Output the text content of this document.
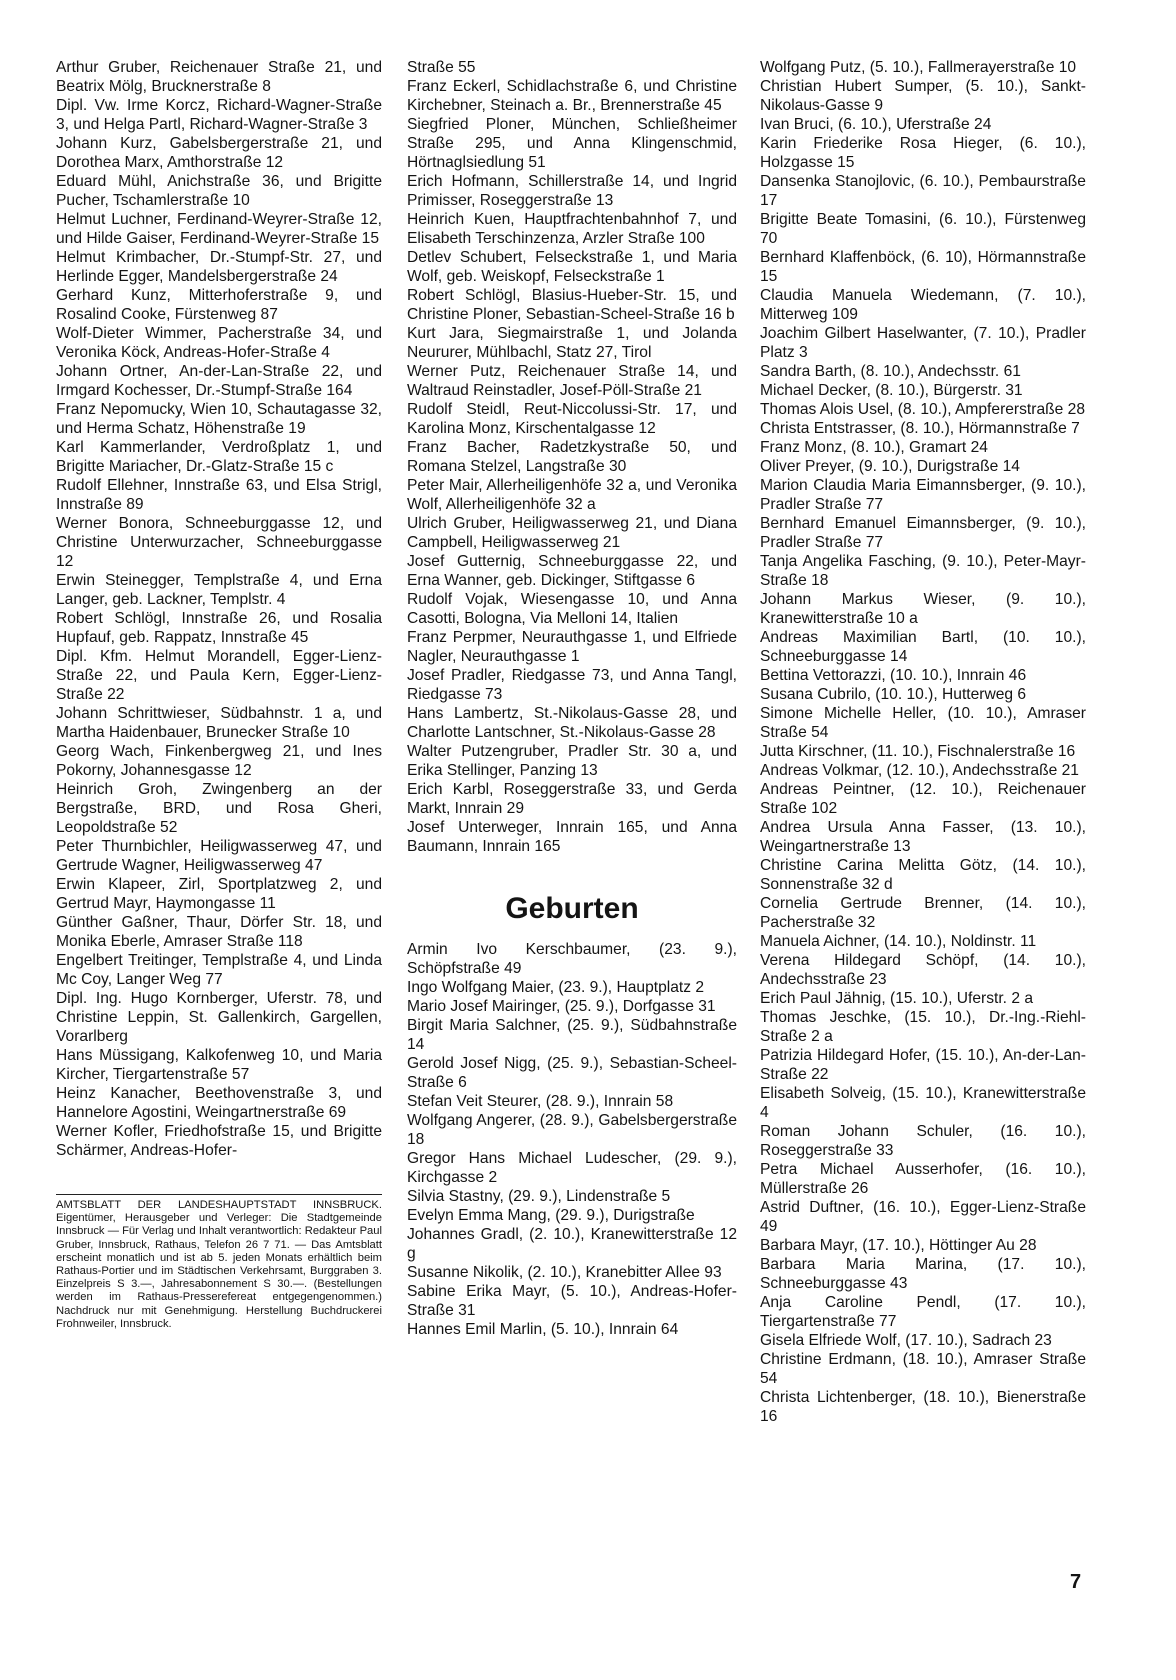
Arthur Gruber, Reichenauer Straße 21, und Beatrix Mölg, Brucknerstraße 8
Dipl. Vw. Irme Korcz, Richard-Wagner-Straße 3, und Helga Partl, Richard-Wagner-Straße 3
Johann Kurz, Gabelsbergerstraße 21, und Dorothea Marx, Amthorstraße 12
Eduard Mühl, Anichstraße 36, und Brigitte Pucher, Tschamlerstraße 10
Helmut Luchner, Ferdinand-Weyrer-Straße 12, und Hilde Gaiser, Ferdinand-Weyrer-Straße 15
Helmut Krimbacher, Dr.-Stumpf-Str. 27, und Herlinde Egger, Mandelsbergerstraße 24
Gerhard Kunz, Mitterhoferstraße 9, und Rosalind Cooke, Fürstenweg 87
Wolf-Dieter Wimmer, Pacherstraße 34, und Veronika Köck, Andreas-Hofer-Straße 4
Johann Ortner, An-der-Lan-Straße 22, und Irmgard Kochesser, Dr.-Stumpf-Straße 164
Franz Nepomucky, Wien 10, Schautagasse 32, und Herma Schatz, Höhenstraße 19
Karl Kammerlander, Verdroßplatz 1, und Brigitte Mariacher, Dr.-Glatz-Straße 15 c
Rudolf Ellehner, Innstraße 63, und Elsa Strigl, Innstraße 89
Werner Bonora, Schneeburggasse 12, und Christine Unterwurzacher, Schneeburggasse 12
Erwin Steinegger, Templstraße 4, und Erna Langer, geb. Lackner, Templstr. 4
Robert Schlögl, Innstraße 26, und Rosalia Hupfauf, geb. Rappatz, Innstraße 45
Dipl. Kfm. Helmut Morandell, Egger-Lienz-Straße 22, und Paula Kern, Egger-Lienz-Straße 22
Johann Schrittwieser, Südbahnstr. 1 a, und Martha Haidenbauer, Brunecker Straße 10
Georg Wach, Finkenbergweg 21, und Ines Pokorny, Johannesgasse 12
Heinrich Groh, Zwingenberg an der Bergstraße, BRD, und Rosa Gheri, Leopoldstraße 52
Peter Thurnbichler, Heiligwasserweg 47, und Gertrude Wagner, Heiligwasserweg 47
Erwin Klapeer, Zirl, Sportplatzweg 2, und Gertrud Mayr, Haymongasse 11
Günther Gaßner, Thaur, Dörfer Str. 18, und Monika Eberle, Amraser Straße 118
Engelbert Treitinger, Templstraße 4, und Linda Mc Coy, Langer Weg 77
Dipl. Ing. Hugo Kornberger, Uferstr. 78, und Christine Leppin, St. Gallenkirch, Gargellen, Vorarlberg
Hans Müssigang, Kalkofenweg 10, und Maria Kircher, Tiergartenstraße 57
Heinz Kanacher, Beethovenstraße 3, und Hannelore Agostini, Weingartnerstraße 69
Werner Kofler, Friedhofstraße 15, und Brigitte Schärmer, Andreas-Hofer-
AMTSBLATT DER LANDESHAUPTSTADT INNSBRUCK. Eigentümer, Herausgeber und Verleger: Die Stadtgemeinde Innsbruck — Für Verlag und Inhalt verantwortlich: Redakteur Paul Gruber, Innsbruck, Rathaus, Telefon 26 7 71. — Das Amtsblatt erscheint monatlich und ist ab 5. jeden Monats erhältlich beim Rathaus-Portier und im Städtischen Verkehrsamt, Burggraben 3. Einzelpreis S 3.—, Jahresabonnement S 30.—. (Bestellungen werden im Rathaus-Presserefereat entgegengenommen.) Nachdruck nur mit Genehmigung. Herstellung Buchdruckerei Frohnweiler, Innsbruck.
Straße 55
Franz Eckerl, Schidlachstraße 6, und Christine Kirchebner, Steinach a. Br., Brennerstraße 45
Siegfried Ploner, München, Schließheimer Straße 295, und Anna Klingenschmid, Hörtnaglsiedlung 51
Erich Hofmann, Schillerstraße 14, und Ingrid Primisser, Roseggerstraße 13
Heinrich Kuen, Hauptfrachtenbahnhof 7, und Elisabeth Terschinzenza, Arzler Straße 100
Detlev Schubert, Felseckstraße 1, und Maria Wolf, geb. Weiskopf, Felseckstraße 1
Robert Schlögl, Blasius-Hueber-Str. 15, und Christine Ploner, Sebastian-Scheel-Straße 16 b
Kurt Jara, Siegmairstraße 1, und Jolanda Neururer, Mühlbachl, Statz 27, Tirol
Werner Putz, Reichenauer Straße 14, und Waltraud Reinstadler, Josef-Pöll-Straße 21
Rudolf Steidl, Reut-Niccolussi-Str. 17, und Karolina Monz, Kirschentalgasse 12
Franz Bacher, Radetzkystraße 50, und Romana Stelzel, Langstraße 30
Peter Mair, Allerheiligenhöfe 32 a, und Veronika Wolf, Allerheiligenhöfe 32 a
Ulrich Gruber, Heiligwasserweg 21, und Diana Campbell, Heiligwasserweg 21
Josef Gutternig, Schneeburggasse 22, und Erna Wanner, geb. Dickinger, Stiftgasse 6
Rudolf Vojak, Wiesengasse 10, und Anna Casotti, Bologna, Via Melloni 14, Italien
Franz Perpmer, Neurauthgasse 1, und Elfriede Nagler, Neurauthgasse 1
Josef Pradler, Riedgasse 73, und Anna Tangl, Riedgasse 73
Hans Lambertz, St.-Nikolaus-Gasse 28, und Charlotte Lantschner, St.-Nikolaus-Gasse 28
Walter Putzengruber, Pradler Str. 30 a, und Erika Stellinger, Panzing 13
Erich Karbl, Roseggerstraße 33, und Gerda Markt, Innrain 29
Josef Unterweger, Innrain 165, und Anna Baumann, Innrain 165
Geburten
Armin Ivo Kerschbaumer, (23. 9.), Schöpfstraße 49
Ingo Wolfgang Maier, (23. 9.), Hauptplatz 2
Mario Josef Mairinger, (25. 9.), Dorfgasse 31
Birgit Maria Salchner, (25. 9.), Südbahnstraße 14
Gerold Josef Nigg, (25. 9.), Sebastian-Scheel-Straße 6
Stefan Veit Steurer, (28. 9.), Innrain 58
Wolfgang Angerer, (28. 9.), Gabelsbergerstraße 18
Gregor Hans Michael Ludescher, (29. 9.), Kirchgasse 2
Silvia Stastny, (29. 9.), Lindenstraße 5
Evelyn Emma Mang, (29. 9.), Durigstraße
Johannes Gradl, (2. 10.), Kranewitterstraße 12 g
Susanne Nikolik, (2. 10.), Kranebitter Allee 93
Sabine Erika Mayr, (5. 10.), Andreas-Hofer-Straße 31
Hannes Emil Marlin, (5. 10.), Innrain 64
Wolfgang Putz, (5. 10.), Fallmerayerstraße 10
Christian Hubert Sumper, (5. 10.), Sankt-Nikolaus-Gasse 9
Ivan Bruci, (6. 10.), Uferstraße 24
Karin Friederike Rosa Hieger, (6. 10.), Holzgasse 15
Dansenka Stanojlovic, (6. 10.), Pembaurstraße 17
Brigitte Beate Tomasini, (6. 10.), Fürstenweg 70
Bernhard Klaffenböck, (6. 10), Hörmannstraße 15
Claudia Manuela Wiedemann, (7. 10.), Mitterweg 109
Joachim Gilbert Haselwanter, (7. 10.), Pradler Platz 3
Sandra Barth, (8. 10.), Andechsstr. 61
Michael Decker, (8. 10.), Bürgerstr. 31
Thomas Alois Usel, (8. 10.), Ampfererstraße 28
Christa Entstrasser, (8. 10.), Hörmannstraße 7
Franz Monz, (8. 10.), Gramart 24
Oliver Preyer, (9. 10.), Durigstraße 14
Marion Claudia Maria Eimannsberger, (9. 10.), Pradler Straße 77
Bernhard Emanuel Eimannsberger, (9. 10.), Pradler Straße 77
Tanja Angelika Fasching, (9. 10.), Peter-Mayr-Straße 18
Johann Markus Wieser, (9. 10.), Kranewitterstraße 10 a
Andreas Maximilian Bartl, (10. 10.), Schneeburggasse 14
Bettina Vettorazzi, (10. 10.), Innrain 46
Susana Cubrilo, (10. 10.), Hutterweg 6
Simone Michelle Heller, (10. 10.), Amraser Straße 54
Jutta Kirschner, (11. 10.), Fischnalerstraße 16
Andreas Volkmar, (12. 10.), Andechsstraße 21
Andreas Peintner, (12. 10.), Reichenauer Straße 102
Andrea Ursula Anna Fasser, (13. 10.), Weingartnerstraße 13
Christine Carina Melitta Götz, (14. 10.), Sonnenstraße 32 d
Cornelia Gertrude Brenner, (14. 10.), Pacherstraße 32
Manuela Aichner, (14. 10.), Noldinstr. 11
Verena Hildegard Schöpf, (14. 10.), Andechsstraße 23
Erich Paul Jähnig, (15. 10.), Uferstr. 2 a
Thomas Jeschke, (15. 10.), Dr.-Ing.-Riehl-Straße 2 a
Patrizia Hildegard Hofer, (15. 10.), An-der-Lan-Straße 22
Elisabeth Solveig, (15. 10.), Kranewitterstraße 4
Roman Johann Schuler, (16. 10.), Roseggerstraße 33
Petra Michael Ausserhofer, (16. 10.), Müllerstraße 26
Astrid Duftner, (16. 10.), Egger-Lienz-Straße 49
Barbara Mayr, (17. 10.), Höttinger Au 28
Barbara Maria Marina, (17. 10.), Schneeburggasse 43
Anja Caroline Pendl, (17. 10.), Tiergartenstraße 77
Gisela Elfriede Wolf, (17. 10.), Sadrach 23
Christine Erdmann, (18. 10.), Amraser Straße 54
Christa Lichtenberger, (18. 10.), Bienerstraße 16
7
